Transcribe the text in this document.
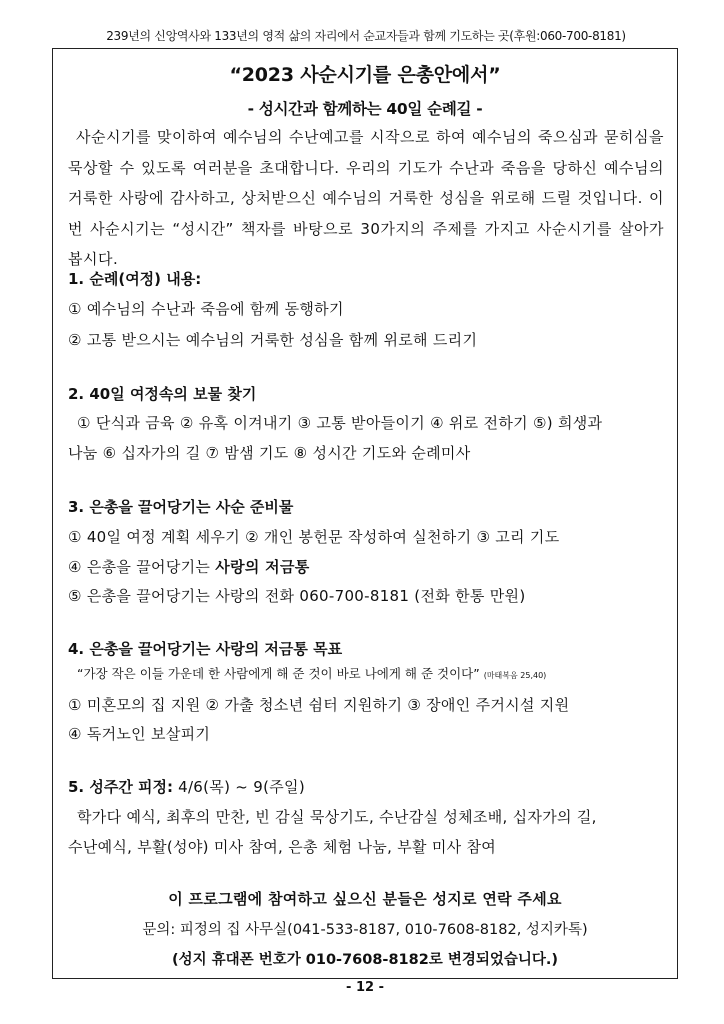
239년의 신앙역사와 133년의 영적 삶의 자리에서 순교자들과 함께 기도하는 곳(후원:060-700-8181)
“2023 사순시기를 은총안에서”
- 성시간과 함께하는 40일 순례길 -

사순시기를 맞이하여 예수님의 수난예고를 시작으로 하여 예수님의 죽으심과 묻히심을 묵상할 수 있도록 여러분을 초대합니다. 우리의 기도가 수난과 죽음을 당하신 예수님의 거룩한 사랑에 감사하고, 상처받으신 예수님의 거룩한 성심을 위로해 드릴 것입니다. 이번 사순시기는 “성시간” 책자를 바탕으로 30가지의 주제를 가지고 사순시기를 살아가 봅시다.

1. 순례(여정) 내용:
① 예수님의 수난과 죽음에 함께 동행하기
② 고통 받으시는 예수님의 거룩한 성심을 함께 위로해 드리기
2. 40일 여정속의 보물 찾기
① 단식과 금육 ② 유혹 이겨내기 ③ 고통 받아들이기 ④ 위로 전하기 ⑤) 희생과
나눔 ⑥ 십자가의 길 ⑦ 밤샘 기도 ⑧ 성시간 기도와 순례미사
3. 은총을 끌어당기는 사순 준비물
① 40일 여정 계획 세우기 ② 개인 봉헌문 작성하여 실천하기 ③ 고리 기도
④ 은총을 끌어당기는 사랑의 저금통
⑤ 은총을 끌어당기는 사랑의 전화 060-700-8181 (전화 한통 만원)
4. 은총을 끌어당기는 사랑의 저금통 목표
“가장 작은 이들 가운데 한 사람에게 해 준 것이 바로 나에게 해 준 것이다” (마태복음 25,40)
① 미혼모의 집 지원 ② 가출 청소년 쉼터 지원하기 ③ 장애인 주거시설 지원
④ 독거노인 보살피기
5. 성주간 피정: 4/6(목) ~ 9(주일)
학가다 예식, 최후의 만찬, 빈 감실 묵상기도, 수난감실 성체조배, 십자가의 길,
수난예식, 부활(성야) 미사 참여, 은총 체험 나눔, 부활 미사 참여
이 프로그램에 참여하고 싶으신 분들은 성지로 연락 주세요
문의: 피정의 집 사무실(041-533-8187, 010-7608-8182, 성지카톡)
(성지 휴대폰 번호가 010-7608-8182로 변경되었습니다.)
- 12 -
